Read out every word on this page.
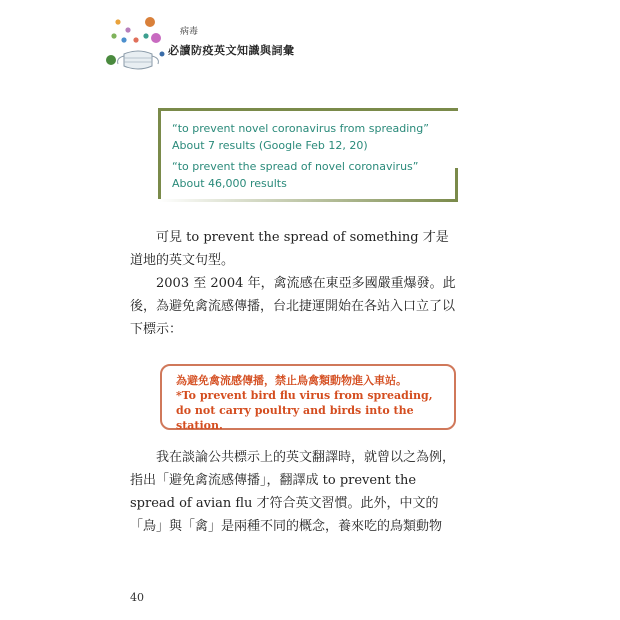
病毒
必讀防疫英文知識與詞彙
“to prevent novel coronavirus from spreading” About 7 results (Google Feb 12, 20)
“to prevent the spread of novel coronavirus” About 46,000 results

可見 to prevent the spread of something 才是道地的英文句型。

2003 至 2004 年，禽流感在東亞多國嚴重爆發。此後，為避免禽流感傳播，台北捷運開始在各站入口立了以下標示：

為避免禽流感傳播，禁止鳥禽類動物進入車站。
*To prevent bird flu virus from spreading, do not carry poultry and birds into the station.

我在談論公共標示上的英文翻譯時，就曾以之為例，指出「避免禽流感傳播」，翻譯成 to prevent the spread of avian flu 才符合英文習慣。此外，中文的「鳥」與「禽」是兩種不同的概念，養來吃的鳥類動物

40
